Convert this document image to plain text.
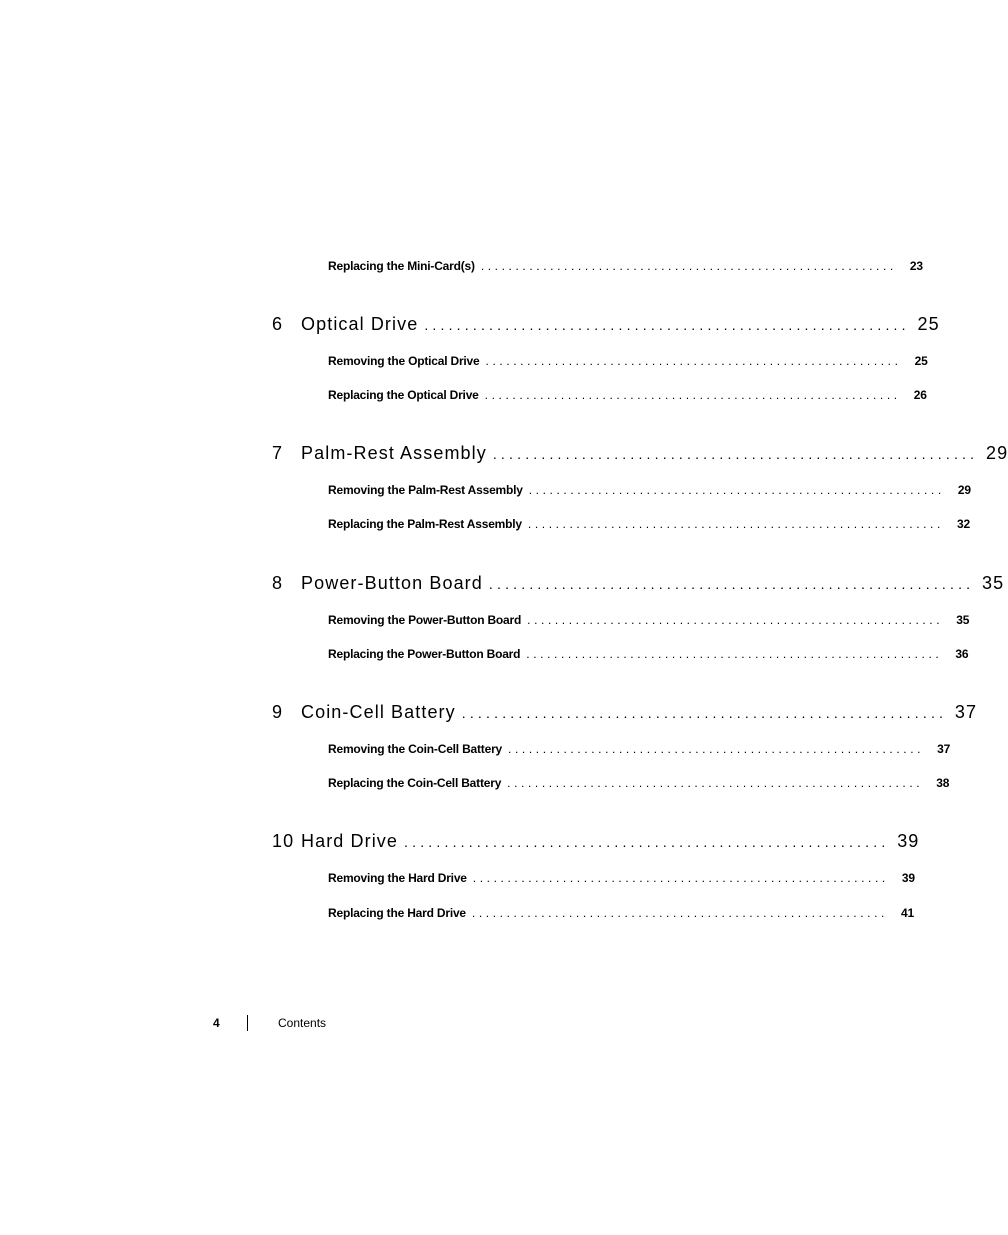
Replacing the Mini-Card(s) ............................................................	23
6 Optical Drive ............................................................ 25
Removing the Optical Drive ............................................................	25
Replacing the Optical Drive ............................................................	26
7 Palm-Rest Assembly ............................................................ 29
Removing the Palm-Rest Assembly ............................................................	29
Replacing the Palm-Rest Assembly ............................................................	32
8 Power-Button Board ............................................................ 35
Removing the Power-Button Board ............................................................	35
Replacing the Power-Button Board ............................................................	36
9 Coin-Cell Battery ............................................................ 37
Removing the Coin-Cell Battery ............................................................	37
Replacing the Coin-Cell Battery ............................................................	38
10 Hard Drive ............................................................ 39
Removing the Hard Drive ............................................................	39
Replacing the Hard Drive ............................................................	41
4	Contents
